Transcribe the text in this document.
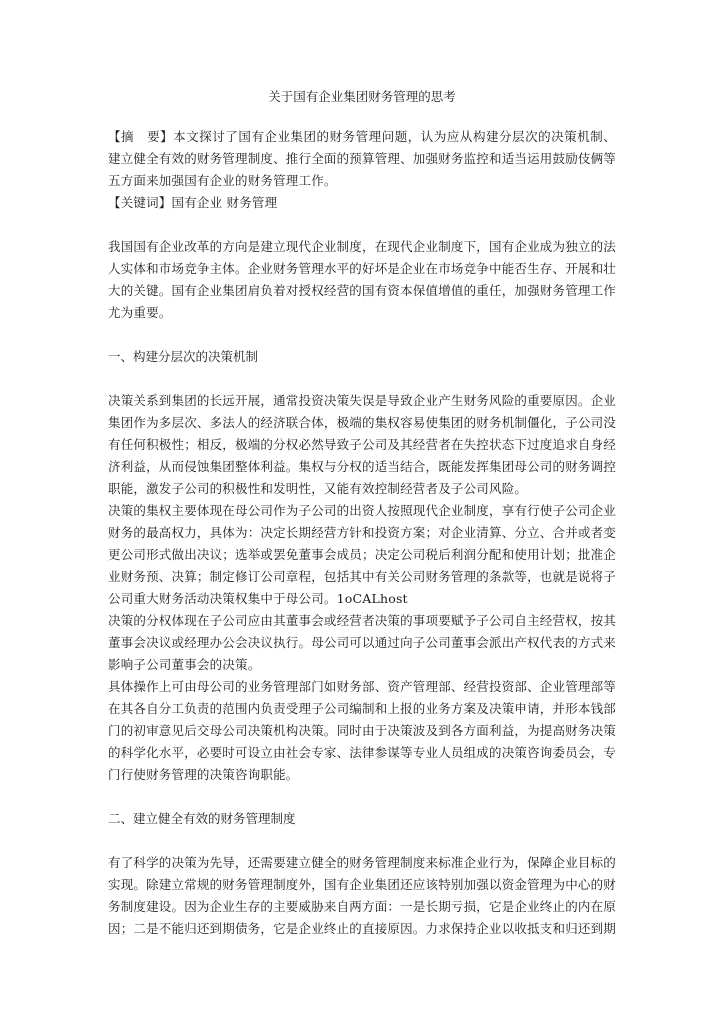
关于国有企业集团财务管理的思考

【摘　要】本文探讨了国有企业集团的财务管理问题，认为应从构建分层次的决策机制、建立健全有效的财务管理制度、推行全面的预算管理、加强财务监控和适当运用鼓励伎俩等五方面来加强国有企业的财务管理工作。

【关键词】国有企业 财务管理

我国国有企业改革的方向是建立现代企业制度，在现代企业制度下，国有企业成为独立的法人实体和市场竞争主体。企业财务管理水平的好坏是企业在市场竞争中能否生存、开展和壮大的关键。国有企业集团肩负着对授权经营的国有资本保值增值的重任，加强财务管理工作尤为重要。

一、构建分层次的决策机制

决策关系到集团的长远开展，通常投资决策失误是导致企业产生财务风险的重要原因。企业集团作为多层次、多法人的经济联合体，极端的集权容易使集团的财务机制僵化，子公司没有任何积极性；相反，极端的分权必然导致子公司及其经营者在失控状态下过度追求自身经济利益，从而侵蚀集团整体利益。集权与分权的适当结合，既能发挥集团母公司的财务调控职能，激发子公司的积极性和发明性，又能有效控制经营者及子公司风险。

决策的集权主要体现在母公司作为子公司的出资人按照现代企业制度，享有行使子公司企业财务的最高权力，具体为：决定长期经营方针和投资方案；对企业清算、分立、合并或者变更公司形式做出决议；选举或罢免董事会成员；决定公司税后利润分配和使用计划；批准企业财务预、决算；制定修订公司章程，包括其中有关公司财务管理的条款等，也就是说将子公司重大财务活动决策权集中于母公司。1oCALhost

决策的分权体现在子公司应由其董事会或经营者决策的事项要赋予子公司自主经营权，按其董事会决议或经理办公会决议执行。母公司可以通过向子公司董事会派出产权代表的方式来影响子公司董事会的决策。

具体操作上可由母公司的业务管理部门如财务部、资产管理部、经营投资部、企业管理部等在其各自分工负责的范围内负责受理子公司编制和上报的业务方案及决策申请，并形本钱部门的初审意见后交母公司决策机构决策。同时由于决策波及到各方面利益，为提高财务决策的科学化水平，必要时可设立由社会专家、法律参谋等专业人员组成的决策咨询委员会，专门行使财务管理的决策咨询职能。

二、建立健全有效的财务管理制度

有了科学的决策为先导，还需要建立健全的财务管理制度来标准企业行为，保障企业目标的实现。除建立常规的财务管理制度外，国有企业集团还应该特别加强以资金管理为中心的财务制度建设。因为企业生存的主要威胁来自两方面：一是长期亏损，它是企业终止的内在原因；二是不能归还到期债务，它是企业终止的直接原因。力求保持企业以收抵支和归还到期
